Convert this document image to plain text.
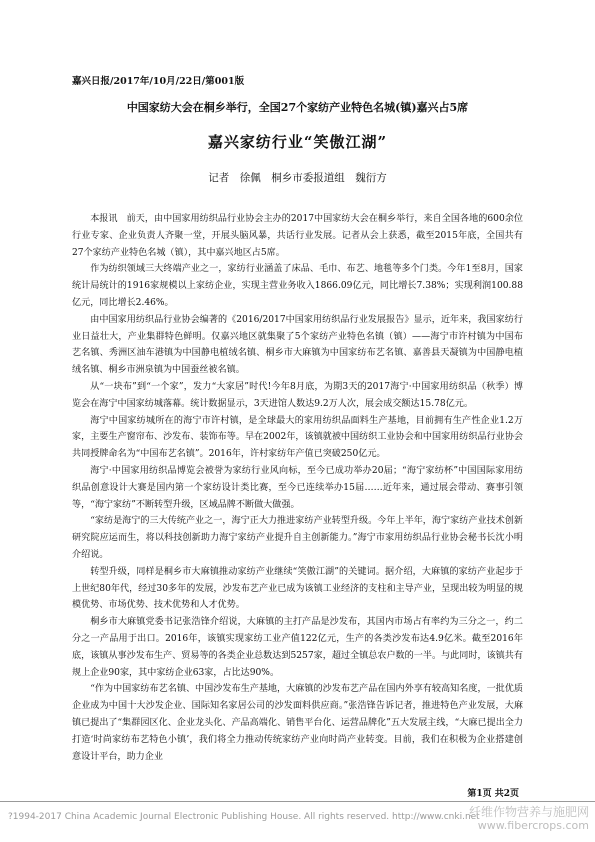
嘉兴日报/2017年/10月/22日/第001版
中国家纺大会在桐乡举行，全国27个家纺产业特色名城(镇)嘉兴占5席
嘉兴家纺行业“笑傲江湖”
记者　徐佩　桐乡市委报道组　魏衍方

本报讯　前天，由中国家用纺织品行业协会主办的2017中国家纺大会在桐乡举行，来自全国各地的600余位行业专家、企业负责人齐聚一堂，开展头脑风暴，共话行业发展。记者从会上获悉，截至2015年底，全国共有27个家纺产业特色名城（镇），其中嘉兴地区占5席。

作为纺织领域三大终端产业之一，家纺行业涵盖了床品、毛巾、布艺、地毯等多个门类。今年1至8月，国家统计局统计的1916家规模以上家纺企业，实现主营业务收入1866.09亿元，同比增长7.38%；实现利润100.88亿元，同比增长2.46%。

由中国家用纺织品行业协会编著的《2016/2017中国家用纺织品行业发展报告》显示，近年来，我国家纺行业日益壮大，产业集群特色鲜明。仅嘉兴地区就集聚了5个家纺产业特色名镇（镇）——海宁市许村镇为中国布艺名镇、秀洲区油车港镇为中国静电植绒名镇、桐乡市大麻镇为中国家纺布艺名镇、嘉善县天凝镇为中国静电植绒名镇、桐乡市洲泉镇为中国蚕丝被名镇。

从“一块布”到“一个家”，发力“大家居”时代!今年8月底，为期3天的2017海宁·中国家用纺织品（秋季）博览会在海宁中国家纺城落幕。统计数据显示，3天进馆人数达9.2万人次，展会成交额达15.78亿元。

海宁中国家纺城所在的海宁市许村镇，是全球最大的家用纺织品面料生产基地，目前拥有生产性企业1.2万家，主要生产窗帘布、沙发布、装饰布等。早在2002年，该镇就被中国纺织工业协会和中国家用纺织品行业协会共同授牌命名为“中国布艺名镇”。2016年，许村家纺年产值已突破250亿元。

海宁·中国家用纺织品博览会被誉为家纺行业风向标，至今已成功举办20届；“海宁家纺杯”中国国际家用纺织品创意设计大赛是国内第一个家纺设计类比赛，至今已连续举办15届……近年来，通过展会带动、赛事引领等，“海宁家纺”不断转型升级，区域品牌不断做大做强。

“家纺是海宁的三大传统产业之一，海宁正大力推进家纺产业转型升级。今年上半年，海宁家纺产业技术创新研究院应运而生，将以科技创新助力海宁家纺产业提升自主创新能力。”海宁市家用纺织品行业协会秘书长沈小明介绍说。

转型升级，同样是桐乡市大麻镇推动家纺产业继续“笑傲江湖”的关键词。据介绍，大麻镇的家纺产业起步于上世纪80年代，经过30多年的发展，沙发布艺产业已成为该镇工业经济的支柱和主导产业，呈现出较为明显的规模优势、市场优势、技术优势和人才优势。

桐乡市大麻镇党委书记张浩锋介绍说，大麻镇的主打产品是沙发布，其国内市场占有率约为三分之一，约二分之一产品用于出口。2016年，该镇实现家纺工业产值122亿元，生产的各类沙发布达4.9亿米。截至2016年底，该镇从事沙发布生产、贸易等的各类企业总数达到5257家，超过全镇总农户数的一半。与此同时，该镇共有规上企业90家，其中家纺企业63家，占比达90%。

“作为中国家纺布艺名镇、中国沙发布生产基地，大麻镇的沙发布艺产品在国内外享有较高知名度，一批优质企业成为中国十大沙发企业、国际知名家居公司的沙发面料供应商。”张浩锋告诉记者，推进特色产业发展，大麻镇已提出了“集群园区化、企业龙头化、产品高端化、销售平台化、运营品牌化”五大发展主线，“大麻已提出全力打造‘时尚家纺布艺特色小镇’，我们将全力推动传统家纺产业向时尚产业转变。目前，我们在积极为企业搭建创意设计平台，助力企业

第1页 共2页
?1994-2017 China Academic Journal Electronic Publishing House. All rights reserved. http://www.cnki.net
纤维作物营养与施肥网
www.fibercrops.com
